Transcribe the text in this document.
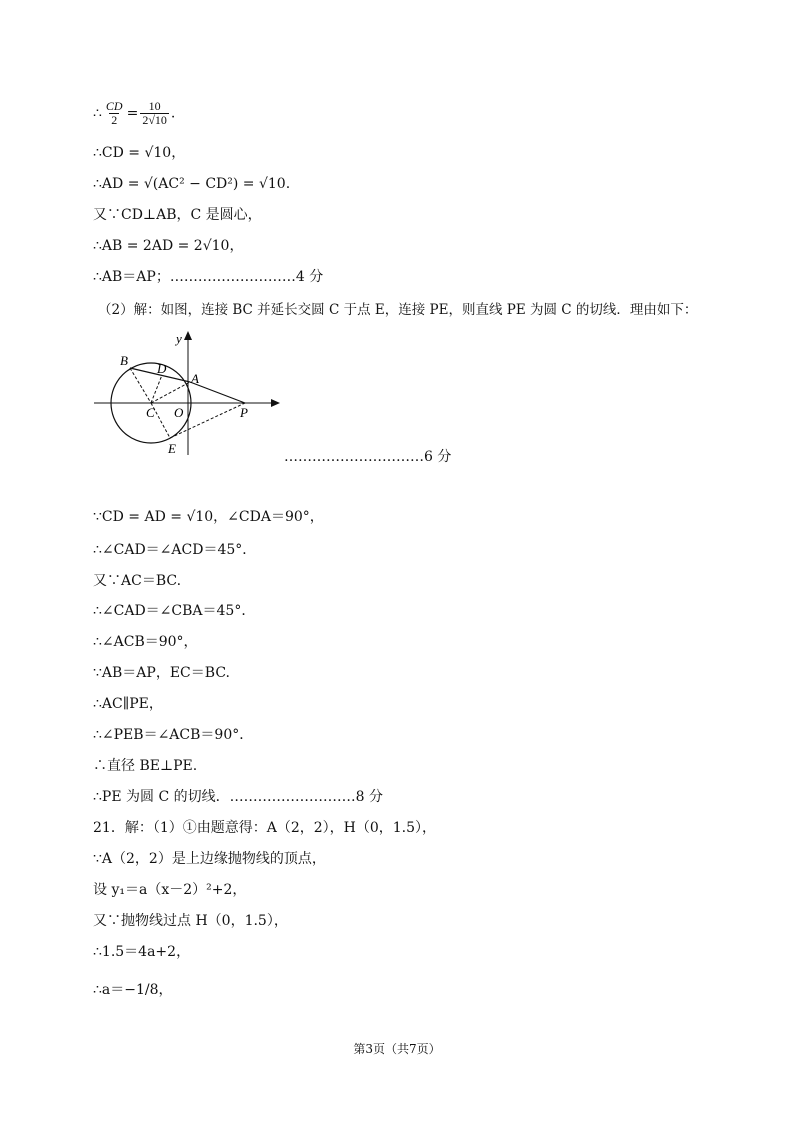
∴ $\frac{CD}{2} = \frac{10}{2√10}$ .
∴CD = √10，
∴AD = √(AC² − CD²) = √10.
又∵CD⊥AB，C 是圆心，
∴AB = 2AD = 2√10，
∴AB＝AP；………………………4 分
（2）解：如图，连接 BC 并延长交圆 C 于点 E，连接 PE，则直线 PE 为圆 C 的切线．理由如下：
y
B
D
A
C O	P
E
…………………………6 分
∵CD = AD = √10，∠CDA＝90°，
∴∠CAD＝∠ACD＝45°．
又∵AC＝BC.
∴∠CAD＝∠CBA＝45°．
∴∠ACB＝90°，
∵AB＝AP，EC＝BC.
∴AC∥PE，
∴∠PEB＝∠ACB＝90°．
∴直径 BE⊥PE.
∴PE 为圆 C 的切线．………………………8 分
21．解：（1）①由题意得：A（2，2），H（0，1.5），
∵A（2，2）是上边缘抛物线的顶点，
设 y₁＝a（x－2）²+2，
又∵抛物线过点 H（0，1.5），
∴1.5＝4a+2，
∴a＝−1/8，
第3页（共7页）
